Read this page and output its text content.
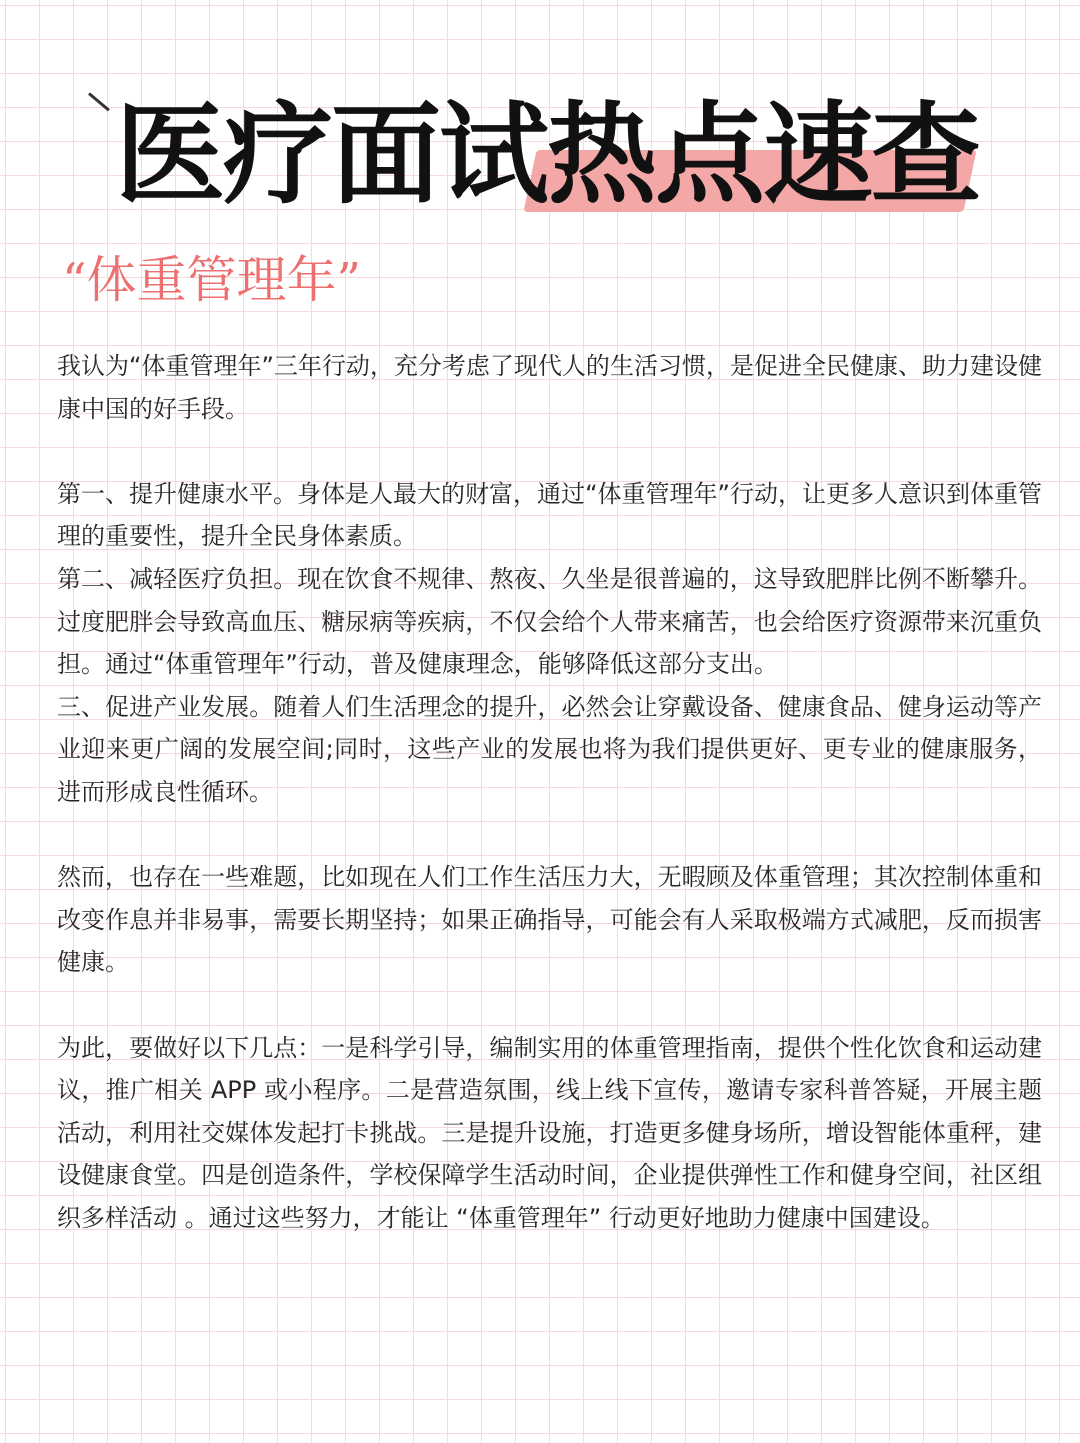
医疗面试热点速查
“体重管理年”

我认为“体重管理年”三年行动，充分考虑了现代人的生活习惯，是促进全民健康、助力建设健康中国的好手段。

第一、提升健康水平。身体是人最大的财富，通过“体重管理年”行动，让更多人意识到体重管理的重要性，提升全民身体素质。

第二、减轻医疗负担。现在饮食不规律、熬夜、久坐是很普遍的，这导致肥胖比例不断攀升。过度肥胖会导致高血压、糖尿病等疾病，不仅会给个人带来痛苦，也会给医疗资源带来沉重负担。通过“体重管理年”行动，普及健康理念，能够降低这部分支出。

三、促进产业发展。随着人们生活理念的提升，必然会让穿戴设备、健康食品、健身运动等产业迎来更广阔的发展空间;同时，这些产业的发展也将为我们提供更好、更专业的健康服务，进而形成良性循环。

然而，也存在一些难题，比如现在人们工作生活压力大，无暇顾及体重管理；其次控制体重和改变作息并非易事，需要长期坚持；如果正确指导，可能会有人采取极端方式减肥，反而损害健康。

为此，要做好以下几点：一是科学引导，编制实用的体重管理指南，提供个性化饮食和运动建议，推广相关 APP 或小程序。二是营造氛围，线上线下宣传，邀请专家科普答疑，开展主题活动，利用社交媒体发起打卡挑战。三是提升设施，打造更多健身场所，增设智能体重秤，建设健康食堂。四是创造条件，学校保障学生活动时间，企业提供弹性工作和健身空间，社区组织多样活动 。通过这些努力，才能让 “体重管理年” 行动更好地助力健康中国建设。
